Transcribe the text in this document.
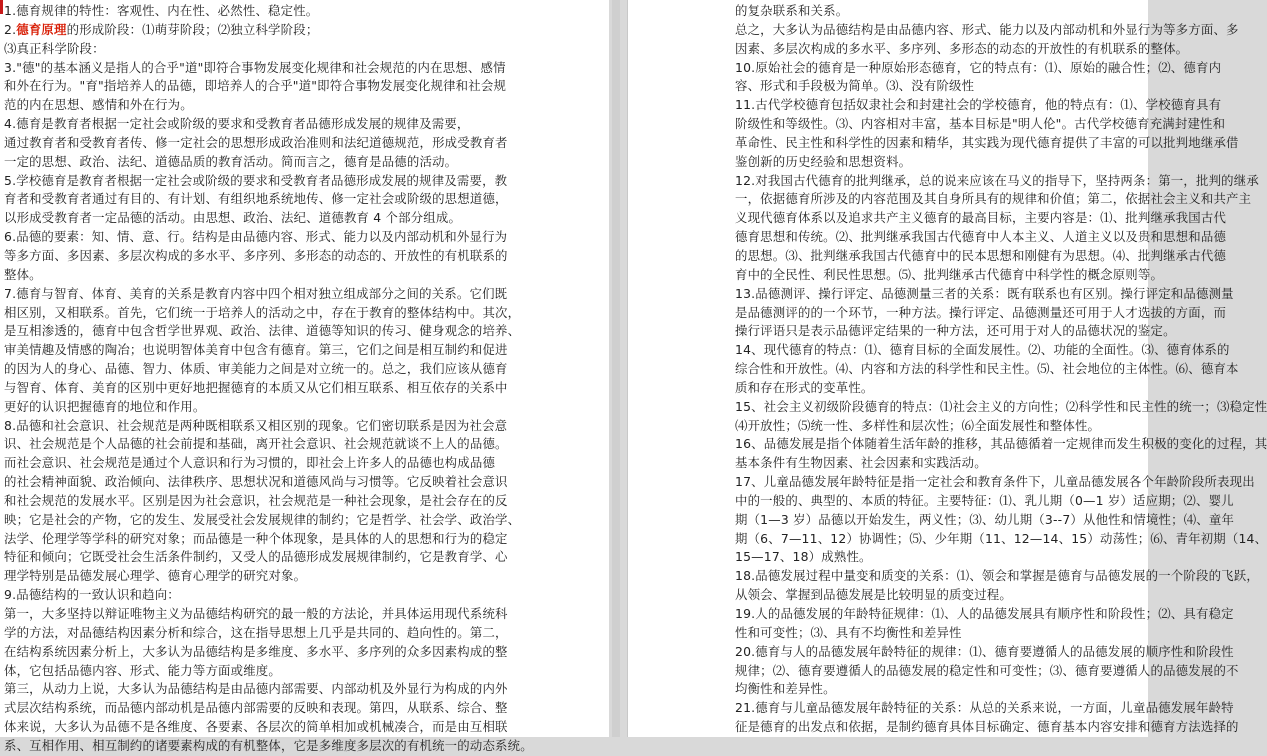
1.德育规律的特性：客观性、内在性、必然性、稳定性。
2.德育原理的形成阶段：⑴萌芽阶段；⑵独立科学阶段；
⑶真正科学阶段：
3."德"的基本涵义是指人的合乎"道"即符合事物发展变化规律和社会规范的内在思想、感情
和外在行为。"育"指培养人的品德，即培养人的合乎"道"即符合事物发展变化规律和社会规
范的内在思想、感情和外在行为。
4.德育是教育者根据一定社会或阶级的要求和受教育者品德形成发展的规律及需要，
通过教育者和受教育者传、修一定社会的思想形成政治准则和法纪道德规范，形成受教育者
一定的思想、政治、法纪、道德品质的教育活动。简而言之，德育是品德的活动。
5.学校德育是教育者根据一定社会或阶级的要求和受教育者品德形成发展的规律及需要，教
育者和受教育者通过有目的、有计划、有组织地系统地传、修一定社会或阶级的思想道德，
以形成受教育者一定品德的活动。由思想、政治、法纪、道德教育 4 个部分组成。
6.品德的要素：知、情、意、行。结构是由品德内容、形式、能力以及内部动机和外显行为
等多方面、多因素、多层次构成的多水平、多序列、多形态的动态的、开放性的有机联系的
整体。
7.德育与智育、体育、美育的关系是教育内容中四个相对独立组成部分之间的关系。它们既
相区别，又相联系。首先，它们统一于培养人的活动之中，存在于教育的整体结构中。其次，
是互相渗透的，德育中包含哲学世界观、政治、法律、道德等知识的传习、健身观念的培养、
审美情趣及情感的陶冶；也说明智体美育中包含有德育。第三，它们之间是相互制约和促进
的因为人的身心、品德、智力、体质、审美能力之间是对立统一的。总之，我们应该从德育
与智育、体育、美育的区别中更好地把握德育的本质又从它们相互联系、相互依存的关系中
更好的认识把握德育的地位和作用。
8.品德和社会意识、社会规范是两种既相联系又相区别的现象。它们密切联系是因为社会意
识、社会规范是个人品德的社会前提和基础，离开社会意识、社会规范就谈不上人的品德。
而社会意识、社会规范是通过个人意识和行为习惯的，即社会上许多人的品德也构成品德
的社会精神面貌、政治倾向、法律秩序、思想状况和道德风尚与习惯等。它反映着社会意识
和社会规范的发展水平。区别是因为社会意识，社会规范是一种社会现象，是社会存在的反
映；它是社会的产物，它的发生、发展受社会发展规律的制约；它是哲学、社会学、政治学、
法学、伦理学等学科的研究对象；而品德是一种个体现象，是具体的人的思想和行为的稳定
特征和倾向；它既受社会生活条件制约，又受人的品德形成发展规律制约，它是教育学、心
理学特别是品德发展心理学、德育心理学的研究对象。
9.品德结构的一致认识和趋向：
第一，大多坚持以辩证唯物主义为品德结构研究的最一般的方法论，并具体运用现代系统科
学的方法，对品德结构因素分析和综合，这在指导思想上几乎是共同的、趋向性的。第二，
在结构系统因素分析上，大多认为品德结构是多维度、多水平、多序列的众多因素构成的整
体，它包括品德内容、形式、能力等方面或维度。
第三，从动力上说，大多认为品德结构是由品德内部需要、内部动机及外显行为构成的内外
式层次结构系统，而品德内部动机是品德内部需要的反映和表现。第四，从联系、综合、整
体来说，大多认为品德不是各维度、各要素、各层次的简单相加或机械凑合，而是由互相联
系、互相作用、相互制约的诸要素构成的有机整体，它是多维度多层次的有机统一的动态系统。
的复杂联系和关系。
总之，大多认为品德结构是由品德内容、形式、能力以及内部动机和外显行为等多方面、多
因素、多层次构成的多水平、多序列、多形态的动态的开放性的有机联系的整体。
10.原始社会的德育是一种原始形态德育，它的特点有：⑴、原始的融合性；⑵、德育内
容、形式和手段极为简单。⑶、没有阶级性
11.古代学校德育包括奴隶社会和封建社会的学校德育，他的特点有：⑴、学校德育具有
阶级性和等级性。⑶、内容相对丰富，基本目标是"明人伦"。古代学校德育充满封建性和
革命性、民主性和科学性的因素和精华，其实践为现代德育提供了丰富的可以批判地继承借
鉴创新的历史经验和思想资料。
12.对我国古代德育的批判继承，总的说来应该在马义的指导下，坚持两条：第一，批判的继承
一，依据德育所涉及的内容范围及其自身所具有的规律和价值；第二，依据社会主义和共产主
义现代德育体系以及追求共产主义德育的最高目标，主要内容是：⑴、批判继承我国古代
德育思想和传统。⑵、批判继承我国古代德育中人本主义、人道主义以及贵和思想和品德
的思想。⑶、批判继承我国古代德育中的民本思想和刚健有为思想。⑷、批判继承古代德
育中的全民性、利民性思想。⑸、批判继承古代德育中科学性的概念原则等。
13.品德测评、操行评定、品德测量三者的关系：既有联系也有区别。操行评定和品德测量
是品德测评的的一个环节，一种方法。操行评定、品德测量还可用于人才选拔的方面，而
操行评语只是表示品德评定结果的一种方法，还可用于对人的品德状况的鉴定。
14、现代德育的特点：⑴、德育目标的全面发展性。⑵、功能的全面性。⑶、德育体系的
综合性和开放性。⑷、内容和方法的科学性和民主性。⑸、社会地位的主体性。⑹、德育本
质和存在形式的变革性。
15、社会主义初级阶段德育的特点：⑴社会主义的方向性；⑵科学性和民主性的统一；⑶稳定性
⑷开放性；⑸统一性、多样性和层次性；⑹全面发展性和整体性。
16、品德发展是指个体随着生活年龄的推移，其品德循着一定规律而发生积极的变化的过程，其
基本条件有生物因素、社会因素和实践活动。
17、儿童品德发展年龄特征是指一定社会和教育条件下，儿童品德发展各个年龄阶段所表现出
中的一般的、典型的、本质的特征。主要特征：⑴、乳儿期（0—1 岁）适应期；⑵、婴儿
期（1—3 岁）品德以开始发生，两义性；⑶、幼儿期（3--7）从他性和情境性；⑷、童年
期（6、7—11、12）协调性；⑸、少年期（11、12—14、15）动荡性；⑹、青年初期（14、
15—17、18）成熟性。
18.品德发展过程中量变和质变的关系：⑴、领会和掌握是德育与品德发展的一个阶段的飞跃，
从领会、掌握到品德发展是比较明显的质变过程。
19.人的品德发展的年龄特征规律：⑴、人的品德发展具有顺序性和阶段性；⑵、具有稳定
性和可变性；⑶、具有不均衡性和差异性
20.德育与人的品德发展年龄特征的规律：⑴、德育要遵循人的品德发展的顺序性和阶段性
规律；⑵、德育要遵循人的品德发展的稳定性和可变性；⑶、德育要遵循人的品德发展的不
均衡性和差异性。
21.德育与儿童品德发展年龄特征的关系：从总的关系来说，一方面，儿童品德发展年龄特
征是德育的出发点和依据，是制约德育具体目标确定、德育基本内容安排和德育方法选择的
